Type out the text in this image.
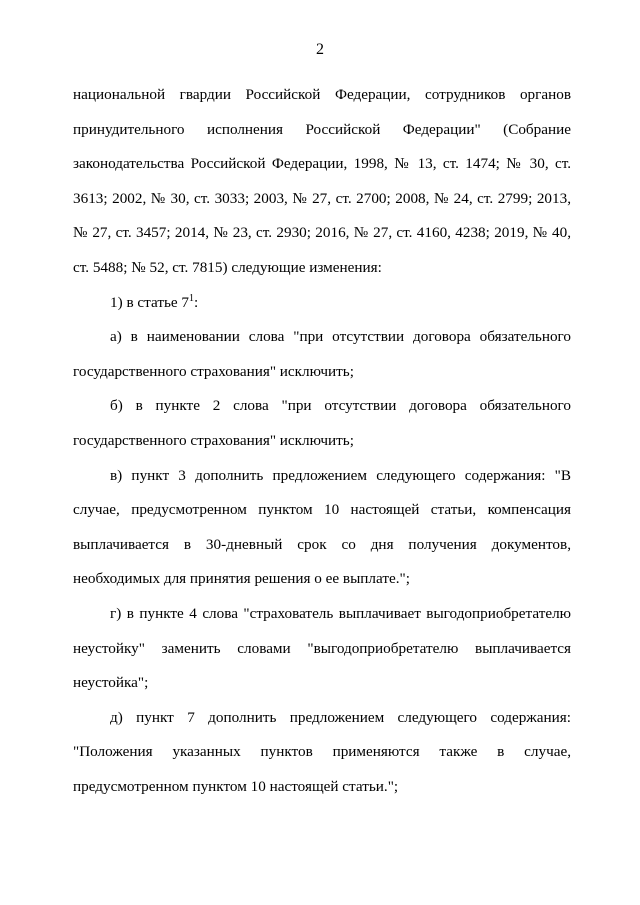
2

национальной гвардии Российской Федерации, сотрудников органов принудительного исполнения Российской Федерации" (Собрание законодательства Российской Федерации, 1998, № 13, ст. 1474; № 30, ст. 3613; 2002, № 30, ст. 3033; 2003, № 27, ст. 2700; 2008, № 24, ст. 2799; 2013, № 27, ст. 3457; 2014, № 23, ст. 2930; 2016, № 27, ст. 4160, 4238; 2019, № 40, ст. 5488; № 52, ст. 7815) следующие изменения:

1) в статье $7^1$:

а) в наименовании слова "при отсутствии договора обязательного государственного страхования" исключить;

б) в пункте 2 слова "при отсутствии договора обязательного государственного страхования" исключить;

в) пункт 3 дополнить предложением следующего содержания: "В случае, предусмотренном пунктом 10 настоящей статьи, компенсация выплачивается в 30-дневный срок со дня получения документов, необходимых для принятия решения о ее выплате.";

г) в пункте 4 слова "страхователь выплачивает выгодоприобретателю неустойку" заменить словами "выгодоприобретателю выплачивается неустойка";

д) пункт 7 дополнить предложением следующего содержания: "Положения указанных пунктов применяются также в случае, предусмотренном пунктом 10 настоящей статьи.";
